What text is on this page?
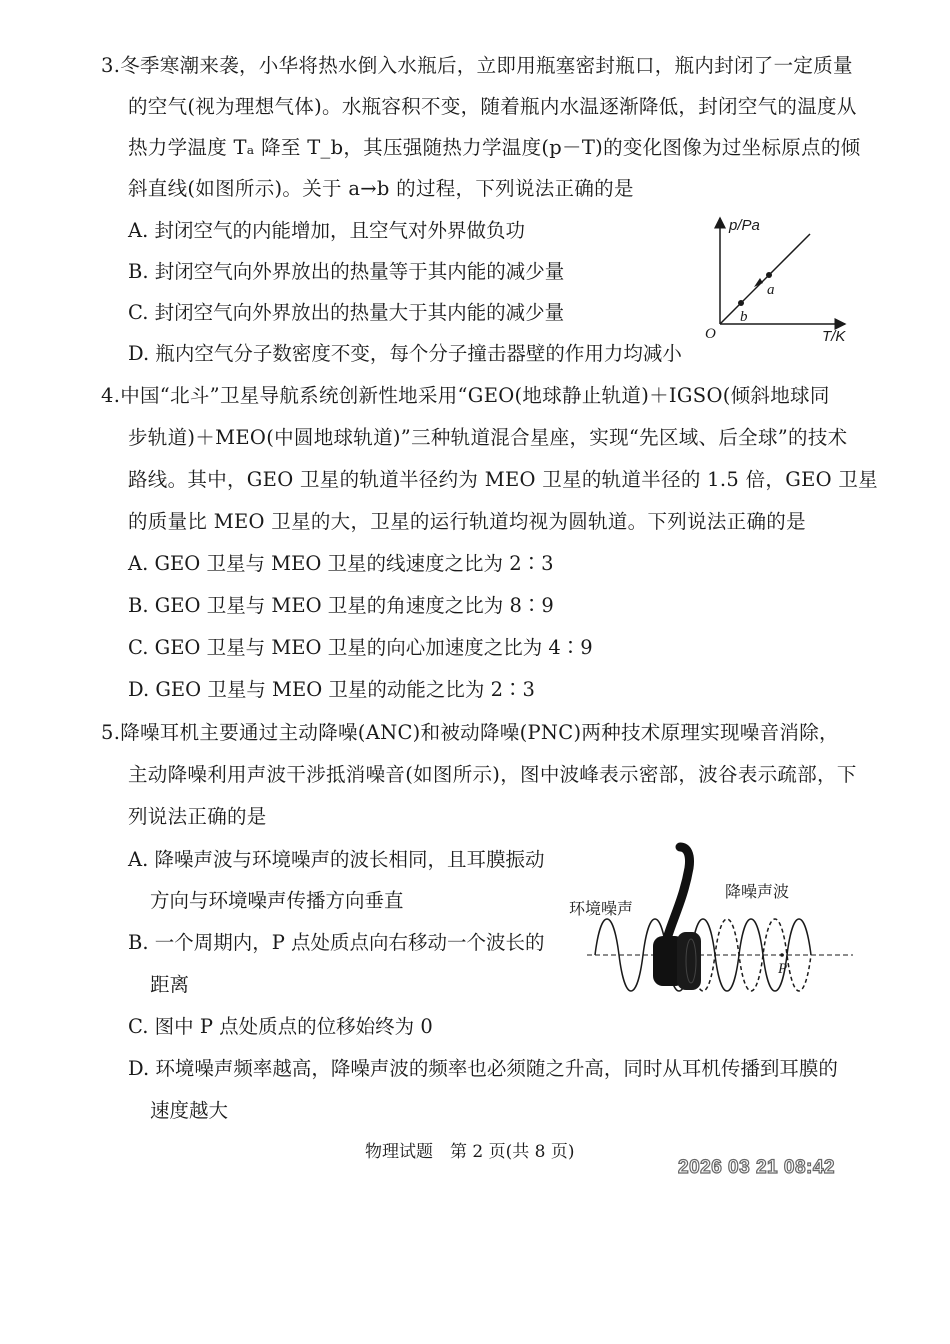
3.冬季寒潮来袭，小华将热水倒入水瓶后，立即用瓶塞密封瓶口，瓶内封闭了一定质量
的空气(视为理想气体)。水瓶容积不变，随着瓶内水温逐渐降低，封闭空气的温度从
热力学温度 Tₐ 降至 T_b，其压强随热力学温度(p－T)的变化图像为过坐标原点的倾
斜直线(如图所示)。关于 a→b 的过程，下列说法正确的是
A. 封闭空气的内能增加，且空气对外界做负功
B. 封闭空气向外界放出的热量等于其内能的减少量
C. 封闭空气向外界放出的热量大于其内能的减少量
D. 瓶内空气分子数密度不变，每个分子撞击器壁的作用力均减小
p/Pa
T/K
O
a
b
4.中国“北斗”卫星导航系统创新性地采用“GEO(地球静止轨道)＋IGSO(倾斜地球同
步轨道)＋MEO(中圆地球轨道)”三种轨道混合星座，实现“先区域、后全球”的技术
路线。其中，GEO 卫星的轨道半径约为 MEO 卫星的轨道半径的 1.5 倍，GEO 卫星
的质量比 MEO 卫星的大，卫星的运行轨道均视为圆轨道。下列说法正确的是
A. GEO 卫星与 MEO 卫星的线速度之比为 2∶3
B. GEO 卫星与 MEO 卫星的角速度之比为 8∶9
C. GEO 卫星与 MEO 卫星的向心加速度之比为 4∶9
D. GEO 卫星与 MEO 卫星的动能之比为 2∶3
5.降噪耳机主要通过主动降噪(ANC)和被动降噪(PNC)两种技术原理实现噪音消除，
主动降噪利用声波干涉抵消噪音(如图所示)，图中波峰表示密部，波谷表示疏部，下
列说法正确的是
A. 降噪声波与环境噪声的波长相同，且耳膜振动
方向与环境噪声传播方向垂直
B. 一个周期内，P 点处质点向右移动一个波长的
距离
C. 图中 P 点处质点的位移始终为 0
D. 环境噪声频率越高，降噪声波的频率也必须随之升高，同时从耳机传播到耳膜的
速度越大
P
环境噪声
降噪声波
物理试题　第 2 页(共 8 页)
2026 03 21 08:42
